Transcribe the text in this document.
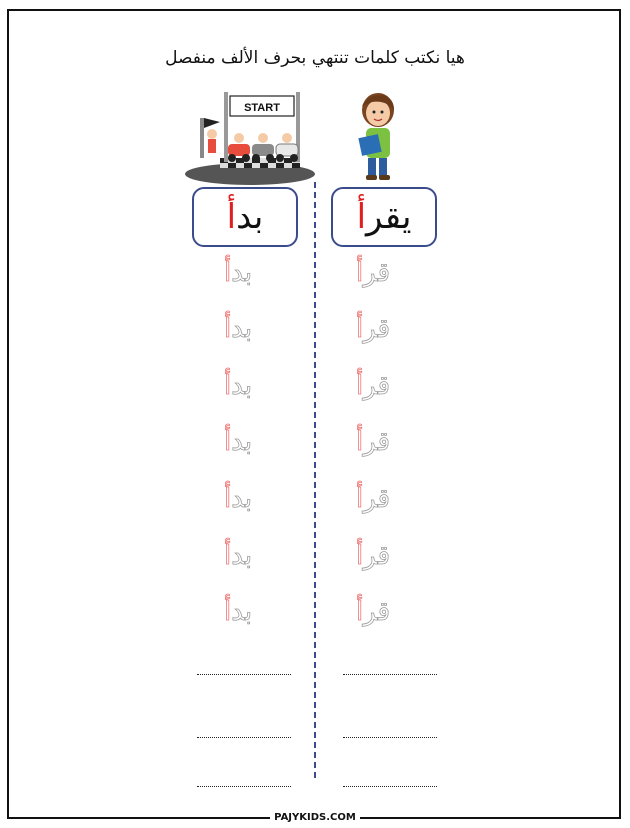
هيا نكتب كلمات تنتهي بحرف الألف منفصل
START
يقر
أ
بد
أ
قرأ
بدأ
قرأ
بدأ
قرأ
بدأ
قرأ
بدأ
قرأ
بدأ
قرأ
بدأ
قرأ
بدأ
PAJYKIDS.COM
